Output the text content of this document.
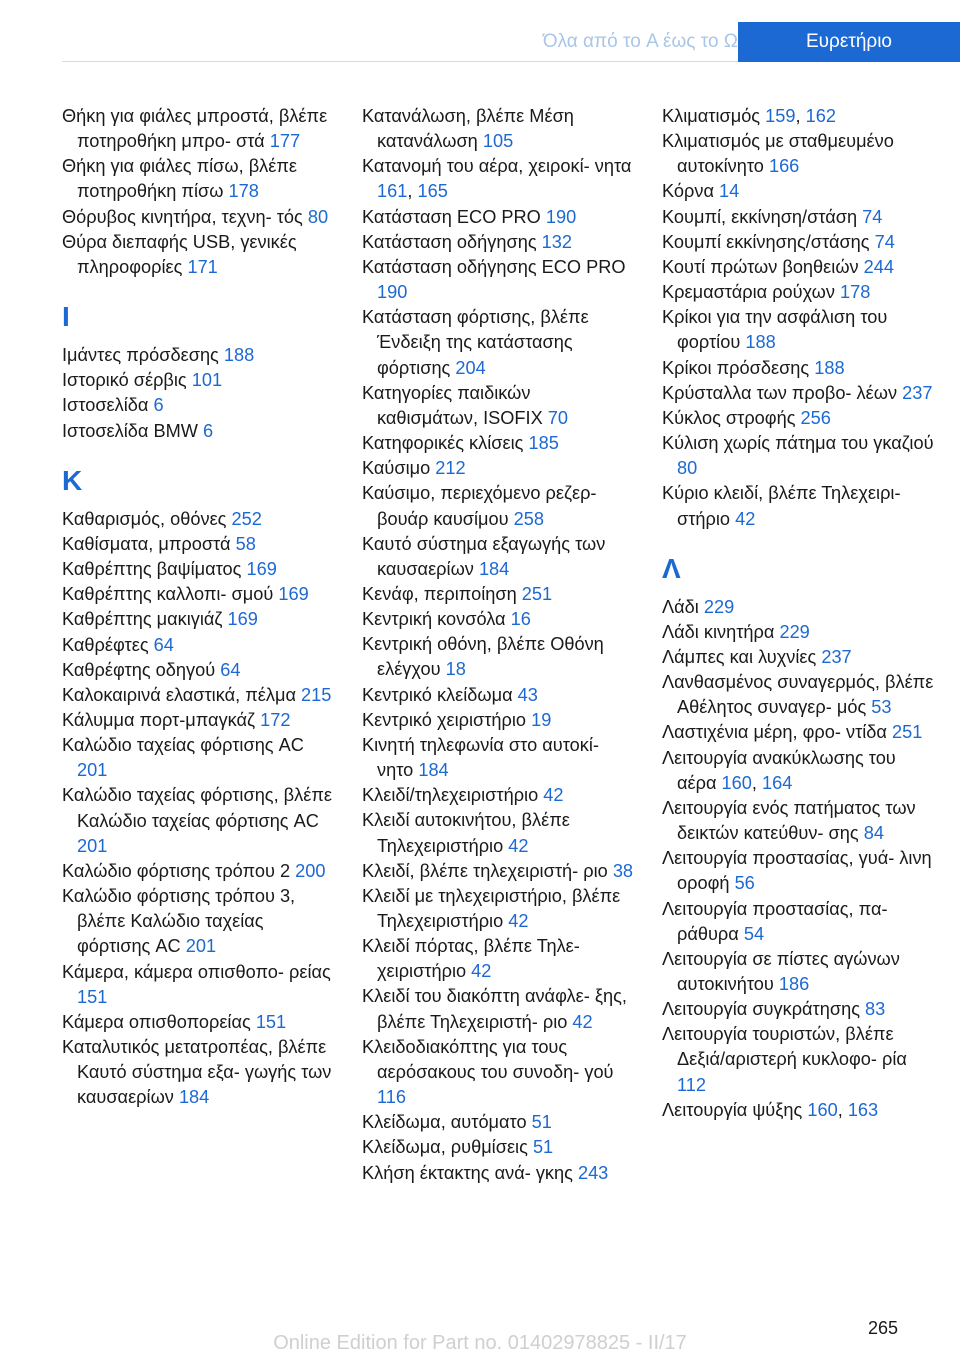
Όλα από το A έως το Ω	Ευρετήριο
Θήκη για φιάλες μπροστά, βλέπε ποτηροθήκη μπρο‐ στά 177
Θήκη για φιάλες πίσω, βλέπε ποτηροθήκη πίσω 178
Θόρυβος κινητήρα, τεχνη‐ τός 80
Θύρα διεπαφής USB, γενικές πληροφορίες 171
Ι
Ιμάντες πρόσδεσης 188
Ιστορικό σέρβις 101
Ιστοσελίδα 6
Ιστοσελίδα BMW 6
Κ
Καθαρισμός, οθόνες 252
Καθίσματα, μπροστά 58
Καθρέπτης βαψίματος 169
Καθρέπτης καλλοπι‐ σμού 169
Καθρέπτης μακιγιάζ 169
Καθρέφτες 64
Καθρέφτης οδηγού 64
Καλοκαιρινά ελαστικά, πέλμα 215
Κάλυμμα πορτ-μπαγκάζ 172
Καλώδιο ταχείας φόρτισης AC 201
Καλώδιο ταχείας φόρτισης, βλέπε Καλώδιο ταχείας φόρτισης AC 201
Καλώδιο φόρτισης τρόπου 2 200
Καλώδιο φόρτισης τρόπου 3, βλέπε Καλώδιο ταχείας φόρτισης AC 201
Κάμερα, κάμερα οπισθοπο‐ ρείας 151
Κάμερα οπισθοπορείας 151
Καταλυτικός μετατροπέας, βλέπε Καυτό σύστημα εξα‐ γωγής των καυσαερίων 184
Κατανάλωση, βλέπε Μέση κατανάλωση 105
Κατανομή του αέρα, χειροκί‐ νητα 161, 165
Κατάσταση ECO PRO 190
Κατάσταση οδήγησης 132
Κατάσταση οδήγησης ECO PRO 190
Κατάσταση φόρτισης, βλέπε Ένδειξη της κατάστασης φόρτισης 204
Κατηγορίες παιδικών καθισμάτων, ISOFIX 70
Κατηφορικές κλίσεις 185
Καύσιμο 212
Καύσιμο, περιεχόμενο ρεζερ‐ βουάρ καυσίμου 258
Καυτό σύστημα εξαγωγής των καυσαερίων 184
Κενάφ, περιποίηση 251
Κεντρική κονσόλα 16
Κεντρική οθόνη, βλέπε Οθόνη ελέγχου 18
Κεντρικό κλείδωμα 43
Κεντρικό χειριστήριο 19
Κινητή τηλεφωνία στο αυτοκί‐ νητο 184
Κλειδί/τηλεχειριστήριο 42
Κλειδί αυτοκινήτου, βλέπε Τηλεχειριστήριο 42
Κλειδί, βλέπε τηλεχειριστή‐ ριο 38
Κλειδί με τηλεχειριστήριο, βλέπε Τηλεχειριστήριο 42
Κλειδί πόρτας, βλέπε Τηλε‐ χειριστήριο 42
Κλειδί του διακόπτη ανάφλε‐ ξης, βλέπε Τηλεχειριστή‐ ριο 42
Κλειδοδιακόπτης για τους αερόσακους του συνοδη‐ γού 116
Κλείδωμα, αυτόματο 51
Κλείδωμα, ρυθμίσεις 51
Κλήση έκτακτης ανά‐ γκης 243
Κλιματισμός 159, 162
Κλιματισμός με σταθμευμένο αυτοκίνητο 166
Κόρνα 14
Κουμπί, εκκίνηση/στάση 74
Κουμπί εκκίνησης/στάσης 74
Κουτί πρώτων βοηθειών 244
Κρεμαστάρια ρούχων 178
Κρίκοι για την ασφάλιση του φορτίου 188
Κρίκοι πρόσδεσης 188
Κρύσταλλα των προβο‐ λέων 237
Κύκλος στροφής 256
Κύλιση χωρίς πάτημα του γκαζιού 80
Κύριο κλειδί, βλέπε Τηλεχειρι‐ στήριο 42
Λ
Λάδι 229
Λάδι κινητήρα 229
Λάμπες και λυχνίες 237
Λανθασμένος συναγερμός, βλέπε Αθέλητος συναγερ‐ μός 53
Λαστιχένια μέρη, φρο‐ ντίδα 251
Λειτουργία ανακύκλωσης του αέρα 160, 164
Λειτουργία ενός πατήματος των δεικτών κατεύθυν‐ σης 84
Λειτουργία προστασίας, γυά‐ λινη οροφή 56
Λειτουργία προστασίας, πα‐ ράθυρα 54
Λειτουργία σε πίστες αγώνων αυτοκινήτου 186
Λειτουργία συγκράτησης 83
Λειτουργία τουριστών, βλέπε Δεξιά/αριστερή κυκλοφο‐ ρία 112
Λειτουργία ψύξης 160, 163
265
Online Edition for Part no. 01402978825 - II/17
